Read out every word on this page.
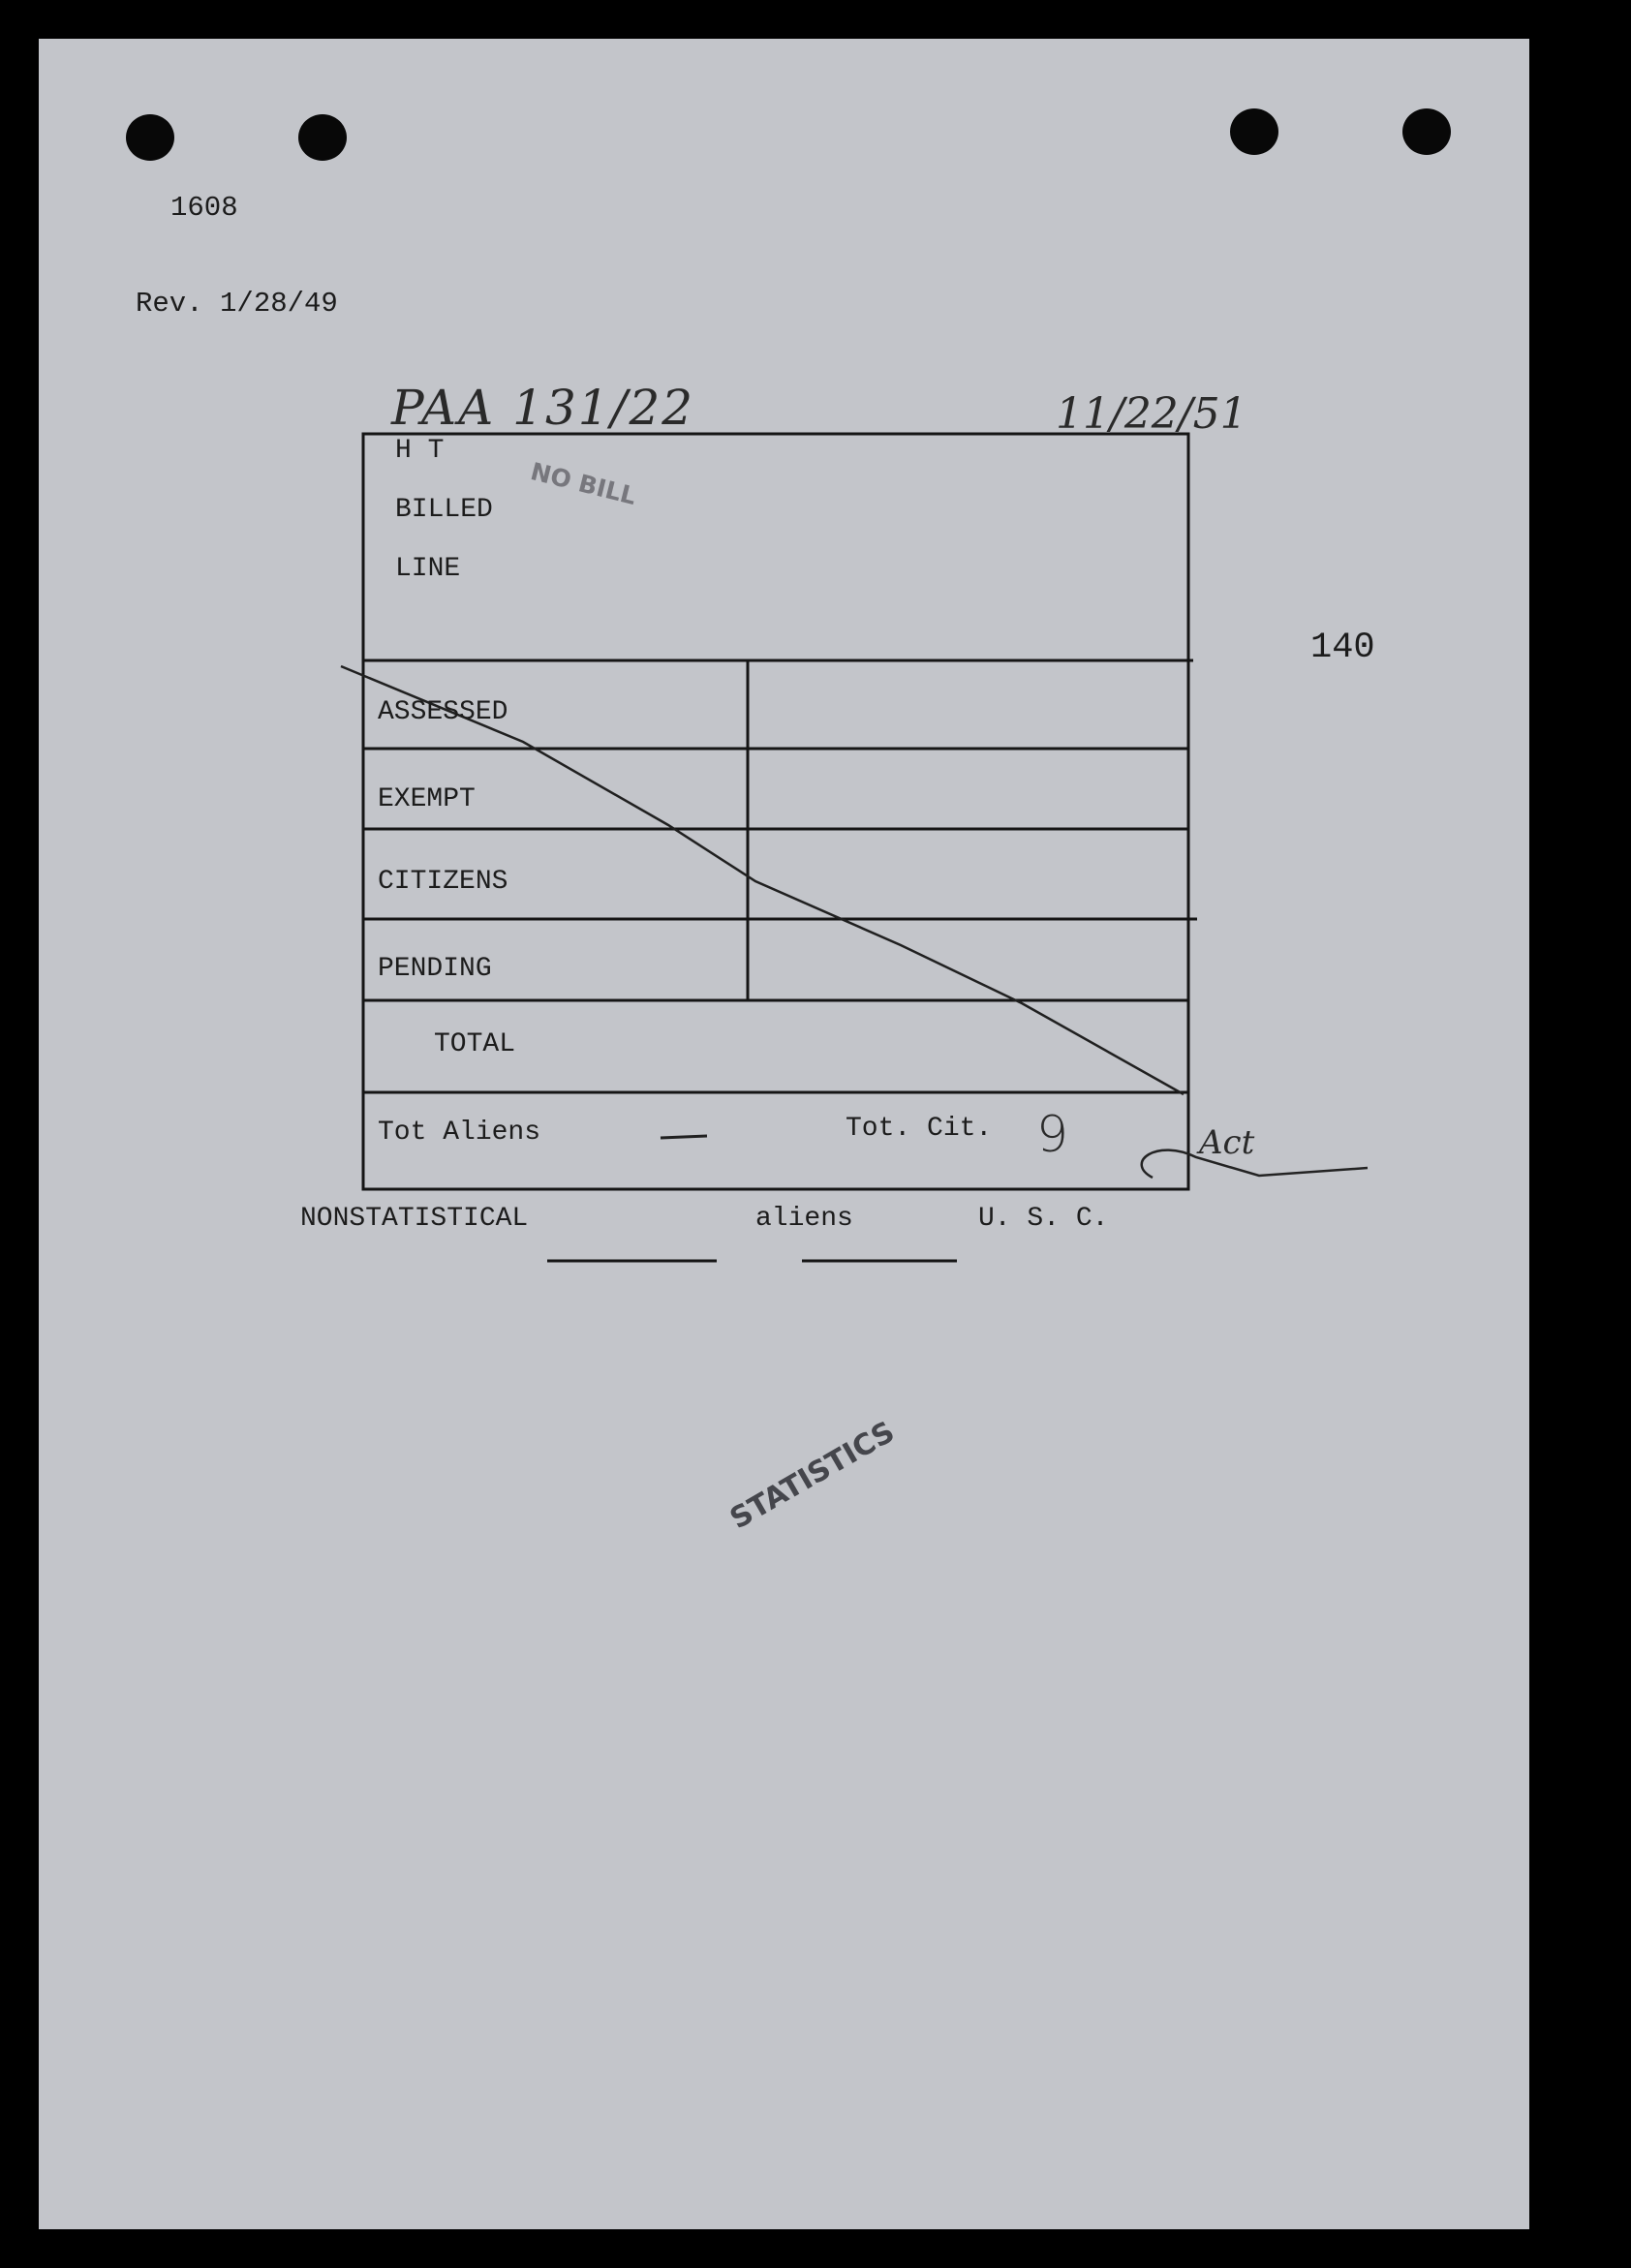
1608

Rev. 1/28/49

PAA 131/22	11/22/51
140
H T
BILLED
LINE
NO BILL
ASSESSED
EXEMPT
CITIZENS
PENDING
TOTAL
Tot Aliens	Tot. Cit. 9	Act
NONSTATISTICAL	aliens	U. S. C.
STATISTICS
